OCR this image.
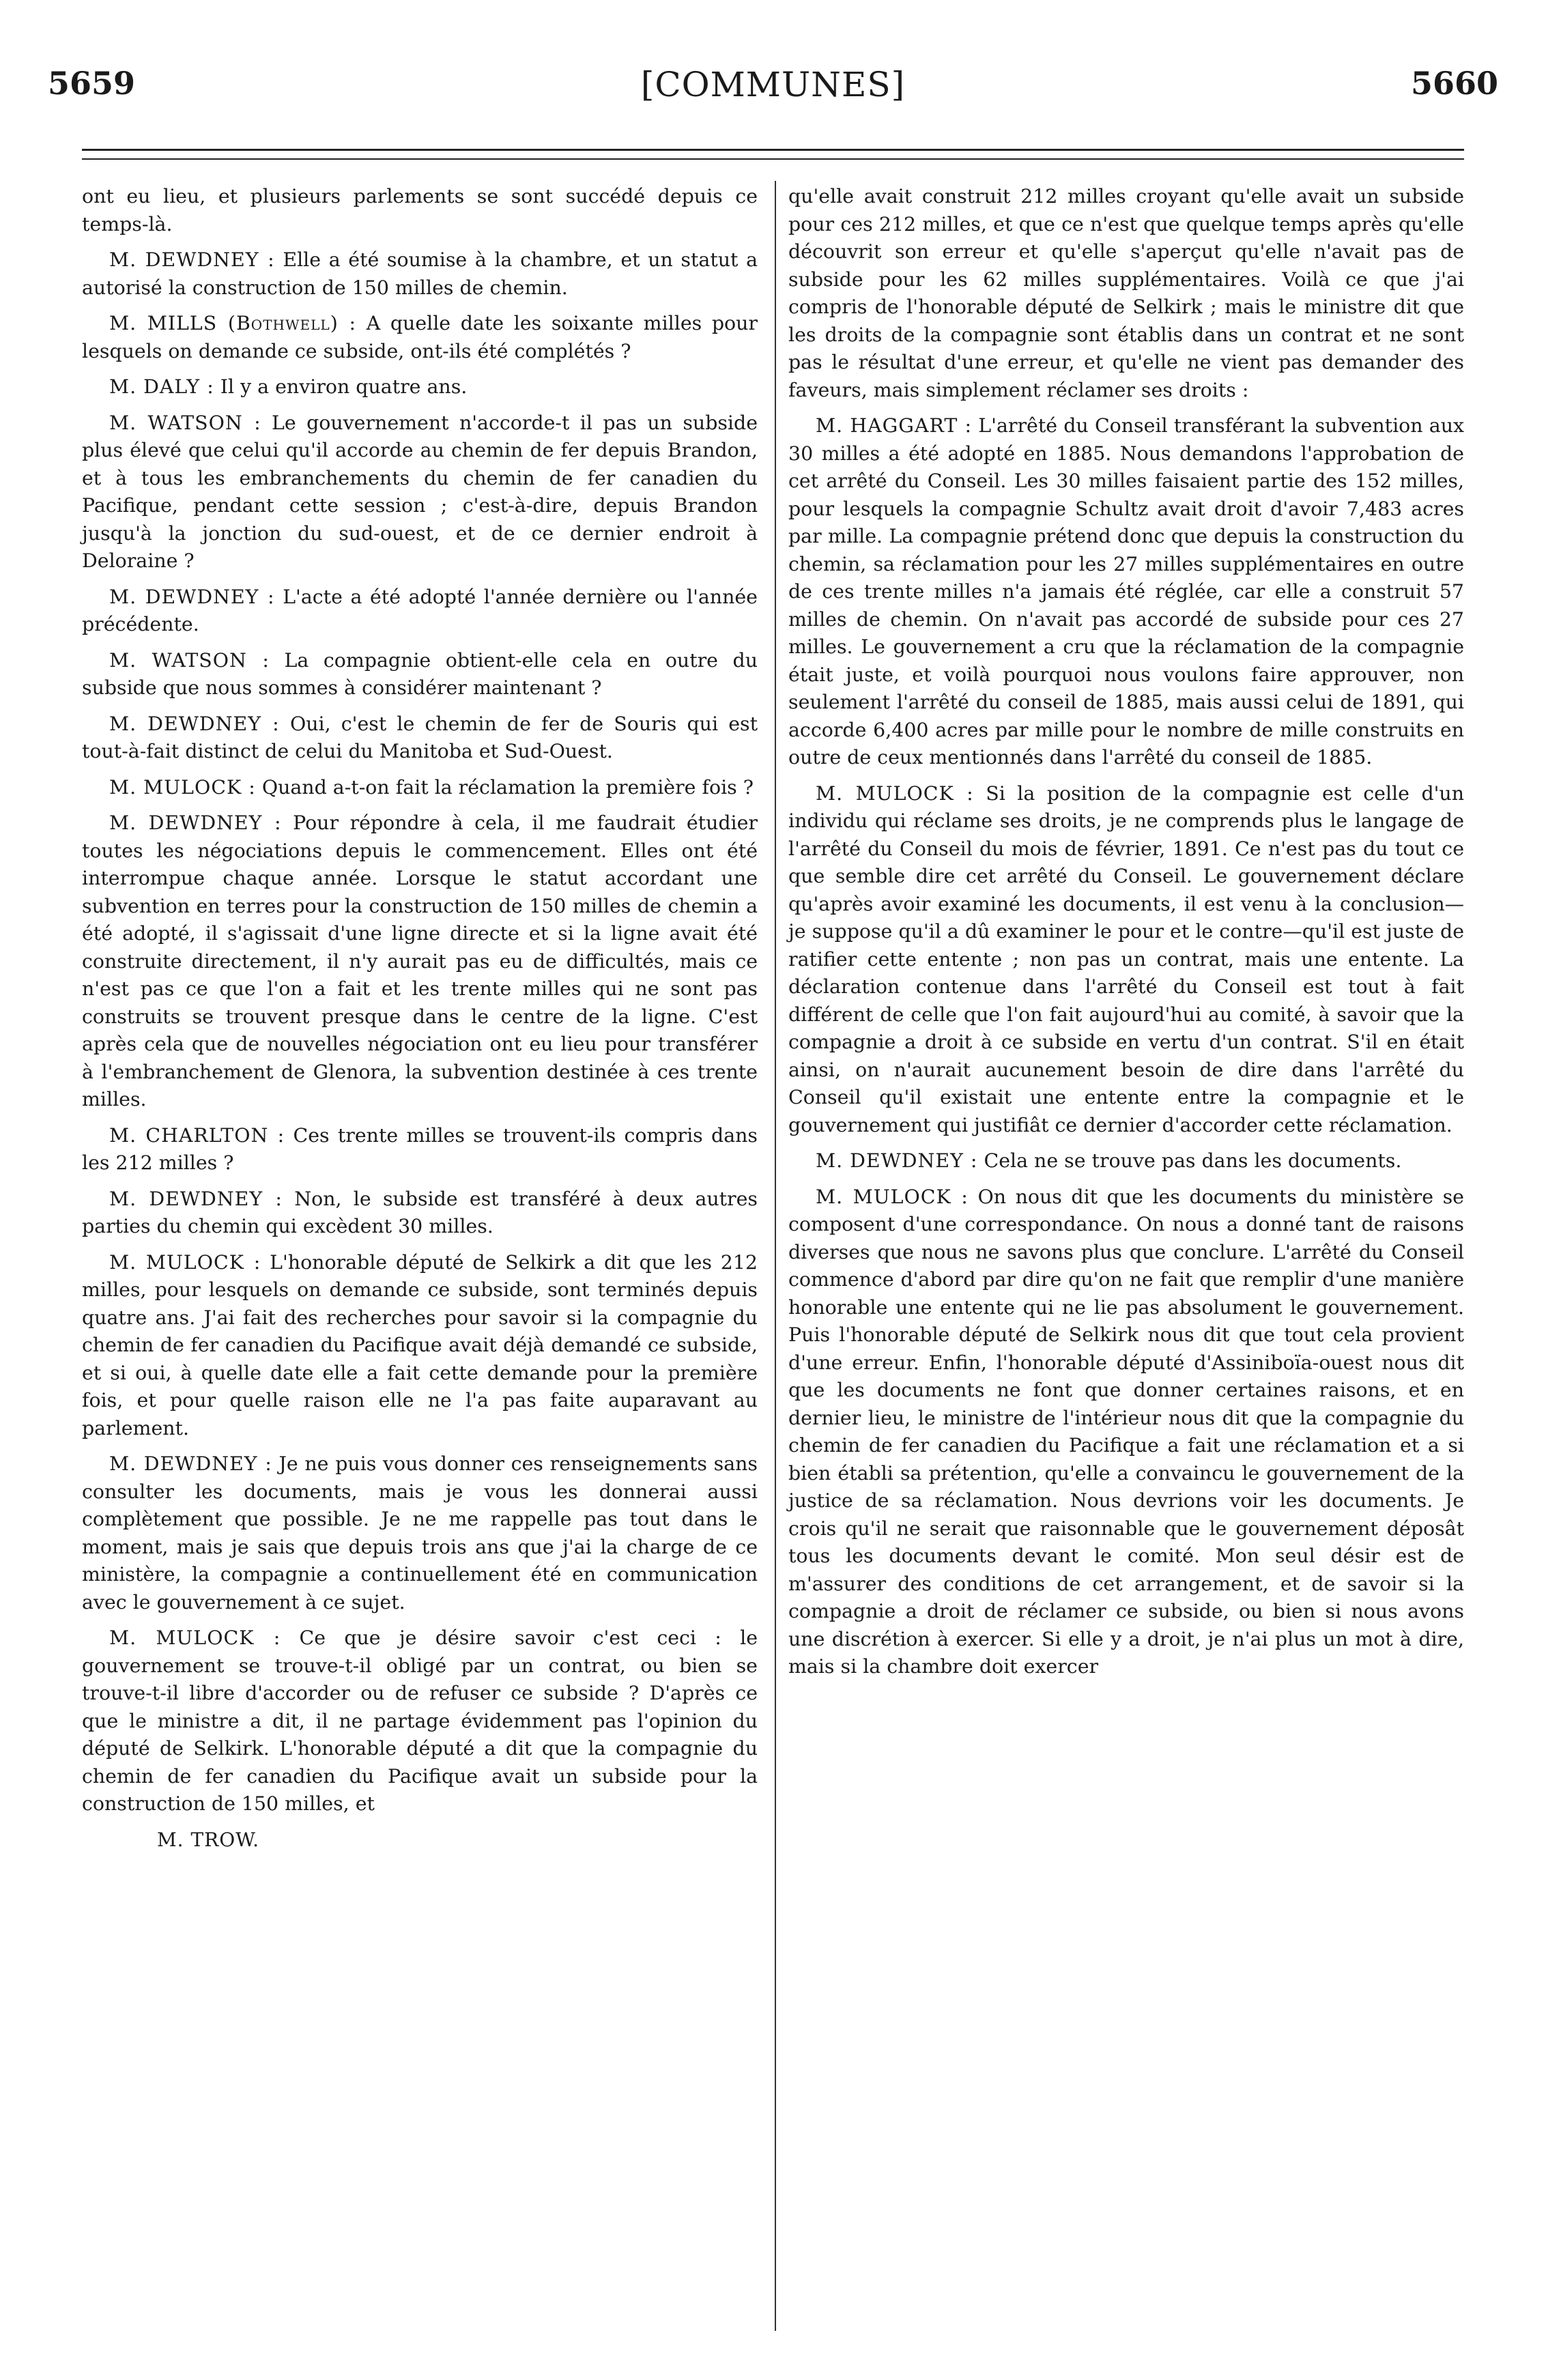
5659	[COMMUNES]	5660

ont eu lieu, et plusieurs parlements se sont succédé depuis ce temps-là.

M. DEWDNEY : Elle a été soumise à la chambre, et un statut a autorisé la construction de 150 milles de chemin.

M. MILLS (Bothwell) : A quelle date les soixante milles pour lesquels on demande ce subside, ont-ils été complétés ?

M. DALY : Il y a environ quatre ans.

M. WATSON : Le gouvernement n'accorde-t il pas un subside plus élevé que celui qu'il accorde au chemin de fer depuis Brandon, et à tous les embranchements du chemin de fer canadien du Pacifique, pendant cette session ; c'est-à-dire, depuis Brandon jusqu'à la jonction du sud-ouest, et de ce dernier endroit à Deloraine ?

M. DEWDNEY : L'acte a été adopté l'année dernière ou l'année précédente.

M. WATSON : La compagnie obtient-elle cela en outre du subside que nous sommes à considérer maintenant ?

M. DEWDNEY : Oui, c'est le chemin de fer de Souris qui est tout-à-fait distinct de celui du Manitoba et Sud-Ouest.

M. MULOCK : Quand a-t-on fait la réclamation la première fois ?

M. DEWDNEY : Pour répondre à cela, il me faudrait étudier toutes les négociations depuis le commencement. Elles ont été interrompue chaque année. Lorsque le statut accordant une subvention en terres pour la construction de 150 milles de chemin a été adopté, il s'agissait d'une ligne directe et si la ligne avait été construite directement, il n'y aurait pas eu de difficultés, mais ce n'est pas ce que l'on a fait et les trente milles qui ne sont pas construits se trouvent presque dans le centre de la ligne. C'est après cela que de nouvelles négociation ont eu lieu pour transférer à l'embranchement de Glenora, la subvention destinée à ces trente milles.

M. CHARLTON : Ces trente milles se trouvent-ils compris dans les 212 milles ?

M. DEWDNEY : Non, le subside est transféré à deux autres parties du chemin qui excèdent 30 milles.

M. MULOCK : L'honorable député de Selkirk a dit que les 212 milles, pour lesquels on demande ce subside, sont terminés depuis quatre ans. J'ai fait des recherches pour savoir si la compagnie du chemin de fer canadien du Pacifique avait déjà demandé ce subside, et si oui, à quelle date elle a fait cette demande pour la première fois, et pour quelle raison elle ne l'a pas faite auparavant au parlement.

M. DEWDNEY : Je ne puis vous donner ces renseignements sans consulter les documents, mais je vous les donnerai aussi complètement que possible. Je ne me rappelle pas tout dans le moment, mais je sais que depuis trois ans que j'ai la charge de ce ministère, la compagnie a continuellement été en communication avec le gouvernement à ce sujet.

M. MULOCK : Ce que je désire savoir c'est ceci : le gouvernement se trouve-t-il obligé par un contrat, ou bien se trouve-t-il libre d'accorder ou de refuser ce subside ? D'après ce que le ministre a dit, il ne partage évidemment pas l'opinion du député de Selkirk. L'honorable député a dit que la compagnie du chemin de fer canadien du Pacifique avait un subside pour la construction de 150 milles, et

M. TROW.

qu'elle avait construit 212 milles croyant qu'elle avait un subside pour ces 212 milles, et que ce n'est que quelque temps après qu'elle découvrit son erreur et qu'elle s'aperçut qu'elle n'avait pas de subside pour les 62 milles supplémentaires. Voilà ce que j'ai compris de l'honorable député de Selkirk ; mais le ministre dit que les droits de la compagnie sont établis dans un contrat et ne sont pas le résultat d'une erreur, et qu'elle ne vient pas demander des faveurs, mais simplement réclamer ses droits :

M. HAGGART : L'arrêté du Conseil transférant la subvention aux 30 milles a été adopté en 1885. Nous demandons l'approbation de cet arrêté du Conseil. Les 30 milles faisaient partie des 152 milles, pour lesquels la compagnie Schultz avait droit d'avoir 7,483 acres par mille. La compagnie prétend donc que depuis la construction du chemin, sa réclamation pour les 27 milles supplémentaires en outre de ces trente milles n'a jamais été réglée, car elle a construit 57 milles de chemin. On n'avait pas accordé de subside pour ces 27 milles. Le gouvernement a cru que la réclamation de la compagnie était juste, et voilà pourquoi nous voulons faire approuver, non seulement l'arrêté du conseil de 1885, mais aussi celui de 1891, qui accorde 6,400 acres par mille pour le nombre de mille construits en outre de ceux mentionnés dans l'arrêté du conseil de 1885.

M. MULOCK : Si la position de la compagnie est celle d'un individu qui réclame ses droits, je ne comprends plus le langage de l'arrêté du Conseil du mois de février, 1891. Ce n'est pas du tout ce que semble dire cet arrêté du Conseil. Le gouvernement déclare qu'après avoir examiné les documents, il est venu à la conclusion—je suppose qu'il a dû examiner le pour et le contre—qu'il est juste de ratifier cette entente ; non pas un contrat, mais une entente. La déclaration contenue dans l'arrêté du Conseil est tout à fait différent de celle que l'on fait aujourd'hui au comité, à savoir que la compagnie a droit à ce subside en vertu d'un contrat. S'il en était ainsi, on n'aurait aucunement besoin de dire dans l'arrêté du Conseil qu'il existait une entente entre la compagnie et le gouvernement qui justifiât ce dernier d'accorder cette réclamation.

M. DEWDNEY : Cela ne se trouve pas dans les documents.

M. MULOCK : On nous dit que les documents du ministère se composent d'une correspondance. On nous a donné tant de raisons diverses que nous ne savons plus que conclure. L'arrêté du Conseil commence d'abord par dire qu'on ne fait que remplir d'une manière honorable une entente qui ne lie pas absolument le gouvernement. Puis l'honorable député de Selkirk nous dit que tout cela provient d'une erreur. Enfin, l'honorable député d'Assiniboïa-ouest nous dit que les documents ne font que donner certaines raisons, et en dernier lieu, le ministre de l'intérieur nous dit que la compagnie du chemin de fer canadien du Pacifique a fait une réclamation et a si bien établi sa prétention, qu'elle a convaincu le gouvernement de la justice de sa réclamation. Nous devrions voir les documents. Je crois qu'il ne serait que raisonnable que le gouvernement déposât tous les documents devant le comité. Mon seul désir est de m'assurer des conditions de cet arrangement, et de savoir si la compagnie a droit de réclamer ce subside, ou bien si nous avons une discrétion à exercer. Si elle y a droit, je n'ai plus un mot à dire, mais si la chambre doit exercer
